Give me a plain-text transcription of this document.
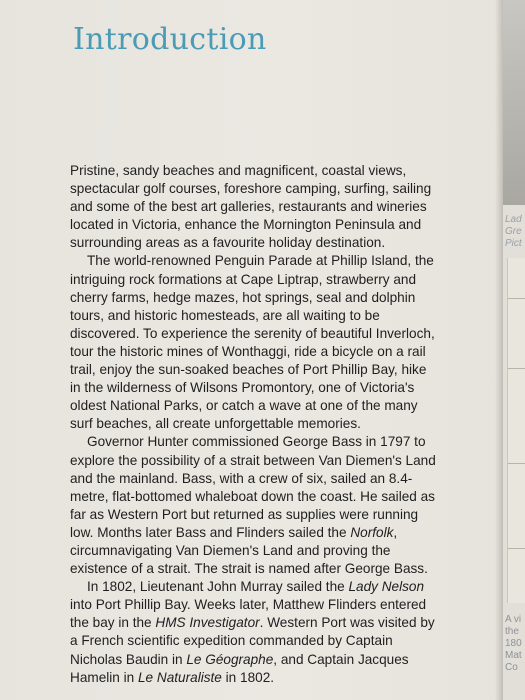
Introduction

Pristine, sandy beaches and magnificent, coastal views, spectacular golf courses, foreshore camping, surfing, sailing and some of the best art galleries, restaurants and wineries located in Victoria, enhance the Mornington Peninsula and surrounding areas as a favourite holiday destination.

The world-renowned Penguin Parade at Phillip Island, the intriguing rock formations at Cape Liptrap, strawberry and cherry farms, hedge mazes, hot springs, seal and dolphin tours, and historic homesteads, are all waiting to be discovered. To experience the serenity of beautiful Inverloch, tour the historic mines of Wonthaggi, ride a bicycle on a rail trail, enjoy the sun-soaked beaches of Port Phillip Bay, hike in the wilderness of Wilsons Promontory, one of Victoria's oldest National Parks, or catch a wave at one of the many surf beaches, all create unforgettable memories.

Governor Hunter commissioned George Bass in 1797 to explore the possibility of a strait between Van Diemen's Land and the mainland. Bass, with a crew of six, sailed an 8.4-metre, flat-bottomed whaleboat down the coast. He sailed as far as Western Port but returned as supplies were running low. Months later Bass and Flinders sailed the Norfolk, circumnavigating Van Diemen's Land and proving the existence of a strait. The strait is named after George Bass.

In 1802, Lieutenant John Murray sailed the Lady Nelson into Port Phillip Bay. Weeks later, Matthew Flinders entered the bay in the HMS Investigator. Western Port was visited by a French scientific expedition commanded by Captain Nicholas Baudin in Le Géographe, and Captain Jacques Hamelin in Le Naturaliste in 1802.

Lad
Gre
Pict
A vi
the
180
Mat
Co
